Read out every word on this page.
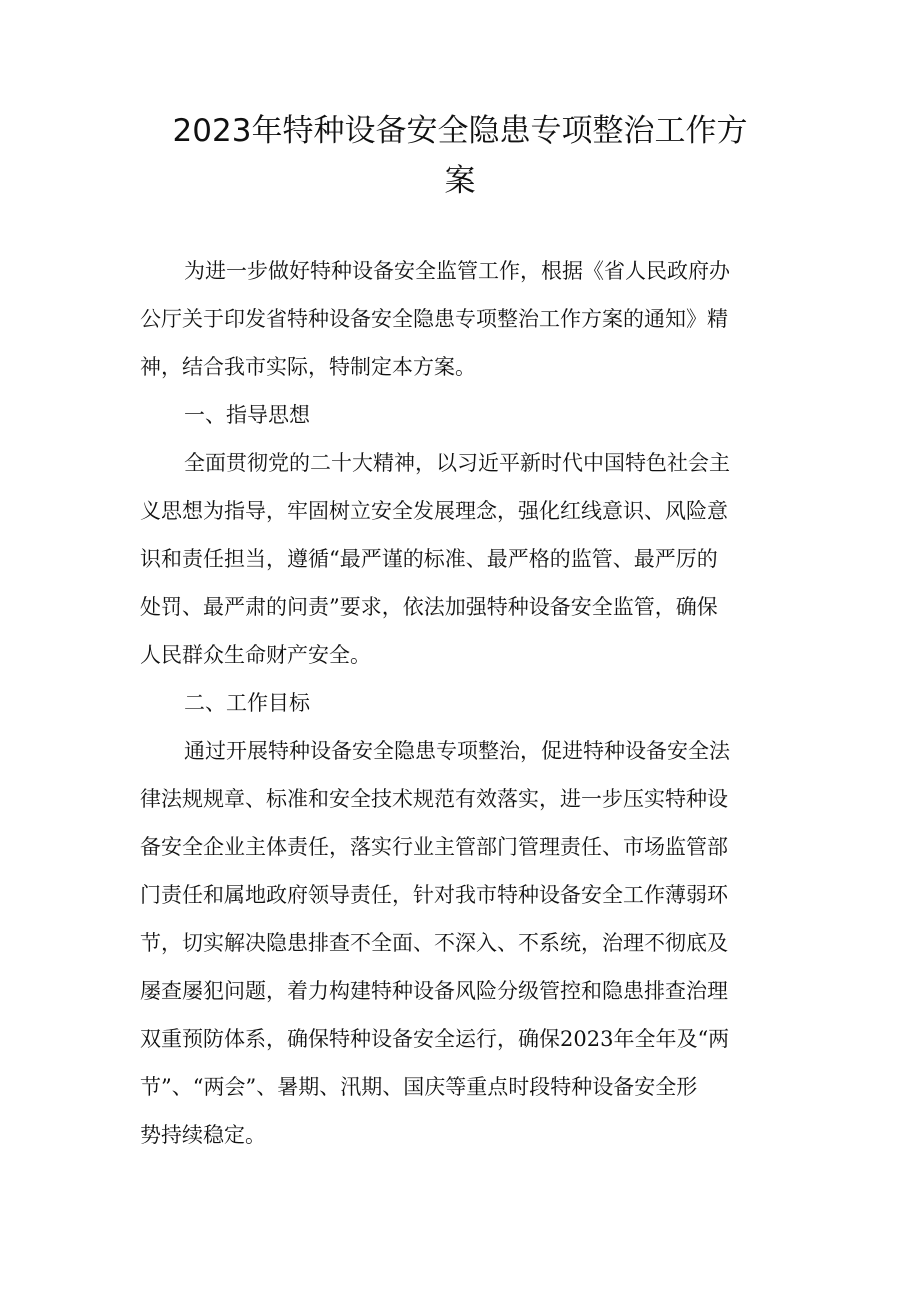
2023年特种设备安全隐患专项整治工作方
案
为进一步做好特种设备安全监管工作，根据《省人民政府办
公厅关于印发省特种设备安全隐患专项整治工作方案的通知》精
神，结合我市实际，特制定本方案。
一、指导思想
全面贯彻党的二十大精神，以习近平新时代中国特色社会主
义思想为指导，牢固树立安全发展理念，强化红线意识、风险意
识和责任担当，遵循“最严谨的标准、最严格的监管、最严厉的
处罚、最严肃的问责”要求，依法加强特种设备安全监管，确保
人民群众生命财产安全。
二、工作目标
通过开展特种设备安全隐患专项整治，促进特种设备安全法
律法规规章、标准和安全技术规范有效落实，进一步压实特种设
备安全企业主体责任，落实行业主管部门管理责任、市场监管部
门责任和属地政府领导责任，针对我市特种设备安全工作薄弱环
节，切实解决隐患排查不全面、不深入、不系统，治理不彻底及
屡查屡犯问题，着力构建特种设备风险分级管控和隐患排查治理
双重预防体系，确保特种设备安全运行，确保2023年全年及“两
节”、“两会”、暑期、汛期、国庆等重点时段特种设备安全形
势持续稳定。
